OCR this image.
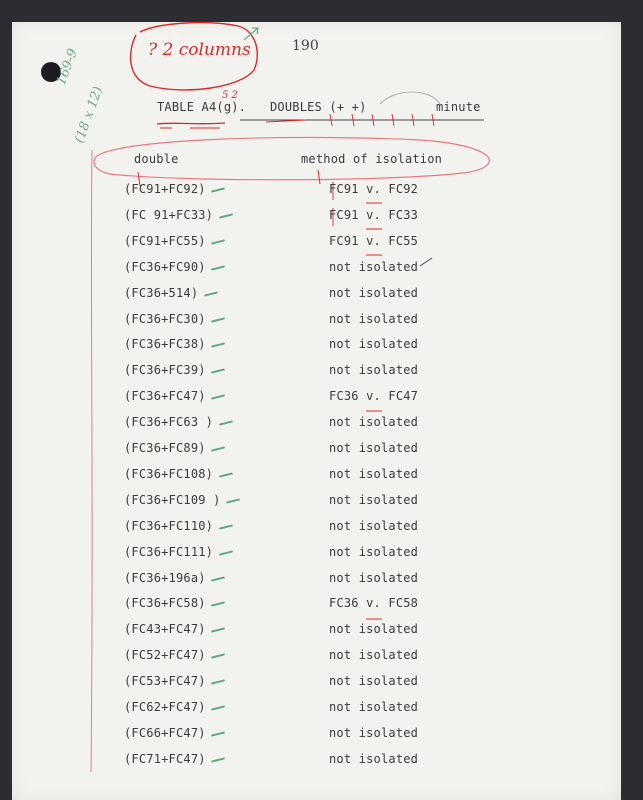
? 2 columns	190
169-9
(18 x 12)	5 2
TABLE A4(g). DOUBLES (+ +)	minute
double	method of isolation
(FC91+FC92)	FC91 v. FC92
(FC 91+FC33)	FC91 v. FC33
(FC91+FC55)	FC91 v. FC55
(FC36+FC90)	not isolated
(FC36+514)	not isolated
(FC36+FC30)	not isolated
(FC36+FC38)	not isolated
(FC36+FC39)	not isolated
(FC36+FC47)	FC36 v. FC47
(FC36+FC63 )	not isolated
(FC36+FC89)	not isolated
(FC36+FC108)	not isolated
(FC36+FC109 )	not isolated
(FC36+FC110)	not isolated
(FC36+FC111)	not isolated
(FC36+196a)	not isolated
(FC36+FC58)	FC36 v. FC58
(FC43+FC47)	not isolated
(FC52+FC47)	not isolated
(FC53+FC47)	not isolated
(FC62+FC47)	not isolated
(FC66+FC47)	not isolated
(FC71+FC47)	not isolated
